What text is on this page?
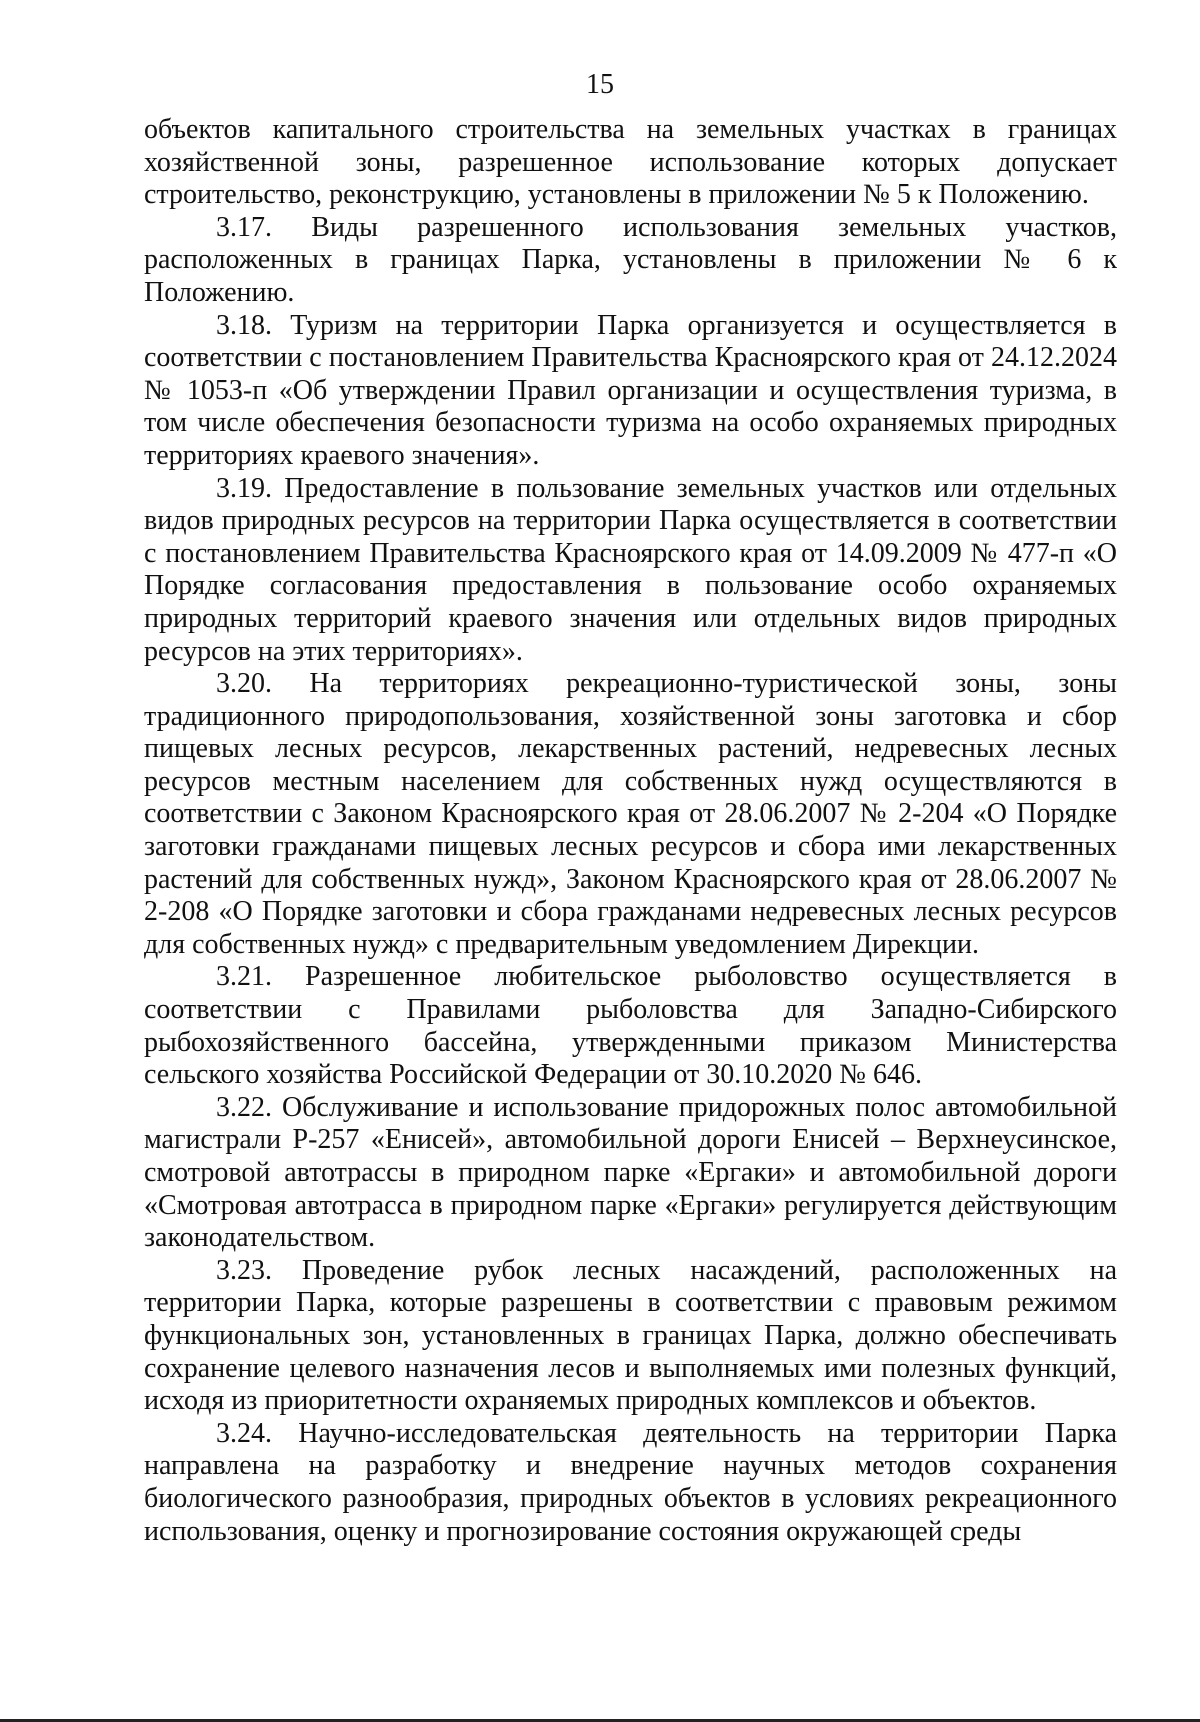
15

объектов капитального строительства на земельных участках в границах хозяйственной зоны, разрешенное использование которых допускает строительство, реконструкцию, установлены в приложении № 5 к Положению.

3.17. Виды разрешенного использования земельных участков, расположенных в границах Парка, установлены в приложении № 6 к Положению.

3.18. Туризм на территории Парка организуется и осуществляется в соответствии с постановлением Правительства Красноярского края от 24.12.2024 № 1053-п «Об утверждении Правил организации и осуществления туризма, в том числе обеспечения безопасности туризма на особо охраняемых природных территориях краевого значения».

3.19. Предоставление в пользование земельных участков или отдельных видов природных ресурсов на территории Парка осуществляется в соответствии с постановлением Правительства Красноярского края от 14.09.2009 № 477-п «О Порядке согласования предоставления в пользование особо охраняемых природных территорий краевого значения или отдельных видов природных ресурсов на этих территориях».

3.20. На территориях рекреационно-туристической зоны, зоны традиционного природопользования, хозяйственной зоны заготовка и сбор пищевых лесных ресурсов, лекарственных растений, недревесных лесных ресурсов местным населением для собственных нужд осуществляются в соответствии с Законом Красноярского края от 28.06.2007 № 2-204 «О Порядке заготовки гражданами пищевых лесных ресурсов и сбора ими лекарственных растений для собственных нужд», Законом Красноярского края от 28.06.2007 № 2-208 «О Порядке заготовки и сбора гражданами недревесных лесных ресурсов для собственных нужд» с предварительным уведомлением Дирекции.

3.21. Разрешенное любительское рыболовство осуществляется в соответствии с Правилами рыболовства для Западно-Сибирского рыбохозяйственного бассейна, утвержденными приказом Министерства сельского хозяйства Российской Федерации от 30.10.2020 № 646.

3.22. Обслуживание и использование придорожных полос автомобильной магистрали Р-257 «Енисей», автомобильной дороги Енисей – Верхнеусинское, смотровой автотрассы в природном парке «Ергаки» и автомобильной дороги «Смотровая автотрасса в природном парке «Ергаки» регулируется действующим законодательством.

3.23. Проведение рубок лесных насаждений, расположенных на территории Парка, которые разрешены в соответствии с правовым режимом функциональных зон, установленных в границах Парка, должно обеспечивать сохранение целевого назначения лесов и выполняемых ими полезных функций, исходя из приоритетности охраняемых природных комплексов и объектов.

3.24. Научно-исследовательская деятельность на территории Парка направлена на разработку и внедрение научных методов сохранения биологического разнообразия, природных объектов в условиях рекреационного использования, оценку и прогнозирование состояния окружающей среды
